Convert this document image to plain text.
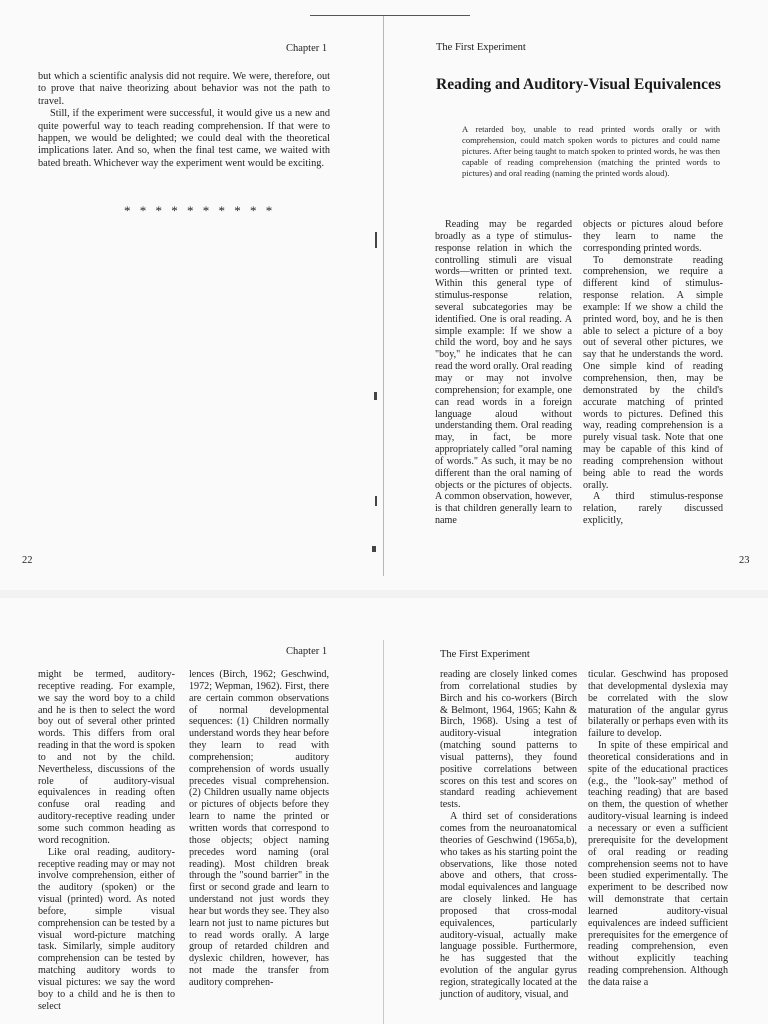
Chapter 1

but which a scientific analysis did not require. We were, therefore, out to prove that naive theorizing about behavior was not the path to travel.

Still, if the experiment were successful, it would give us a new and quite powerful way to teach reading comprehension. If that were to happen, we would be delighted; we could deal with the theoretical implications later. And so, when the final test came, we waited with bated breath. Whichever way the experiment went would be exciting.

* * * * * * * * * *
22
The First Experiment
Reading and Auditory-Visual Equivalences
A retarded boy, unable to read printed words orally or with comprehension, could match spoken words to pictures and could name pictures. After being taught to match spoken to printed words, he was then capable of reading comprehension (matching the printed words to pictures) and oral reading (naming the printed words aloud).

Reading may be regarded broadly as a type of stimulus-response relation in which the controlling stimuli are visual words—written or printed text. Within this general type of stimulus-response relation, several subcategories may be identified. One is oral reading. A simple example: If we show a child the word, boy and he says "boy," he indicates that he can read the word orally. Oral reading may or may not involve comprehension; for example, one can read words in a foreign language aloud without understanding them. Oral reading may, in fact, be more appropriately called "oral naming of words." As such, it may be no different than the oral naming of objects or the pictures of objects. A common observation, however, is that children generally learn to name

objects or pictures aloud before they learn to name the corresponding printed words.

To demonstrate reading comprehension, we require a different kind of stimulus-response relation. A simple example: If we show a child the printed word, boy, and he is then able to select a picture of a boy out of several other pictures, we say that he understands the word. One simple kind of reading comprehension, then, may be demonstrated by the child's accurate matching of printed words to pictures. Defined this way, reading comprehension is a purely visual task. Note that one may be capable of this kind of reading comprehension without being able to read the words orally.

A third stimulus-response relation, rarely discussed explicitly,

23
Chapter 1

might be termed, auditory-receptive reading. For example, we say the word boy to a child and he is then to select the word boy out of several other printed words. This differs from oral reading in that the word is spoken to and not by the child. Nevertheless, discussions of the role of auditory-visual equivalences in reading often confuse oral reading and auditory-receptive reading under some such common heading as word recognition.

Like oral reading, auditory-receptive reading may or may not involve comprehension, either of the auditory (spoken) or the visual (printed) word. As noted before, simple visual comprehension can be tested by a visual word-picture matching task. Similarly, simple auditory comprehension can be tested by matching auditory words to visual pictures: we say the word boy to a child and he is then to select

lences (Birch, 1962; Geschwind, 1972; Wepman, 1962). First, there are certain common observations of normal developmental sequences: (1) Children normally understand words they hear before they learn to read with comprehension; auditory comprehension of words usually precedes visual comprehension. (2) Children usually name objects or pictures of objects before they learn to name the printed or written words that correspond to those objects; object naming precedes word naming (oral reading). Most children break through the "sound barrier" in the first or second grade and learn to understand not just words they hear but words they see. They also learn not just to name pictures but to read words orally. A large group of retarded children and dyslexic children, however, has not made the transfer from auditory comprehen-

The First Experiment

reading are closely linked comes from correlational studies by Birch and his co-workers (Birch & Belmont, 1964, 1965; Kahn & Birch, 1968). Using a test of auditory-visual integration (matching sound patterns to visual patterns), they found positive correlations between scores on this test and scores on standard reading achievement tests.

A third set of considerations comes from the neuroanatomical theories of Geschwind (1965a,b), who takes as his starting point the observations, like those noted above and others, that cross-modal equivalences and language are closely linked. He has proposed that cross-modal equivalences, particularly auditory-visual, actually make language possible. Furthermore, he has suggested that the evolution of the angular gyrus region, strategically located at the junction of auditory, visual, and

ticular. Geschwind has proposed that developmental dyslexia may be correlated with the slow maturation of the angular gyrus bilaterally or perhaps even with its failure to develop.

In spite of these empirical and theoretical considerations and in spite of the educational practices (e.g., the "look-say" method of teaching reading) that are based on them, the question of whether auditory-visual learning is indeed a necessary or even a sufficient prerequisite for the development of oral reading or reading comprehension seems not to have been studied experimentally. The experiment to be described now will demonstrate that certain learned auditory-visual equivalences are indeed sufficient prerequisites for the emergence of reading comprehension, even without explicitly teaching reading comprehension. Although the data raise a
